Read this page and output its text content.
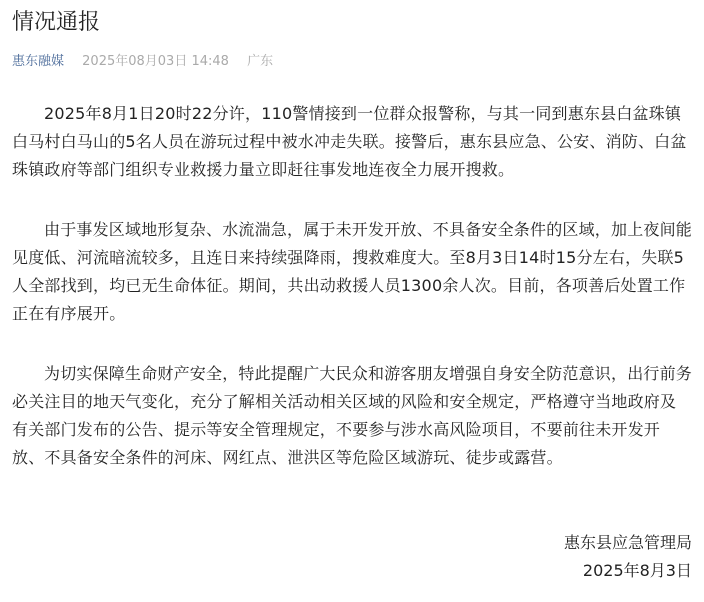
情况通报
惠东融媒 2025年08月03日 14:48 广东

2025年8月1日20时22分许，110警情接到一位群众报警称，与其一同到惠东县白盆珠镇白马村白马山的5名人员在游玩过程中被水冲走失联。接警后，惠东县应急、公安、消防、白盆珠镇政府等部门组织专业救援力量立即赶往事发地连夜全力展开搜救。

由于事发区域地形复杂、水流湍急，属于未开发开放、不具备安全条件的区域，加上夜间能见度低、河流暗流较多，且连日来持续强降雨，搜救难度大。至8月3日14时15分左右，失联5人全部找到，均已无生命体征。期间，共出动救援人员1300余人次。目前，各项善后处置工作正在有序展开。

为切实保障生命财产安全，特此提醒广大民众和游客朋友增强自身安全防范意识，出行前务必关注目的地天气变化，充分了解相关活动相关区域的风险和安全规定，严格遵守当地政府及有关部门发布的公告、提示等安全管理规定，不要参与涉水高风险项目，不要前往未开发开放、不具备安全条件的河床、网红点、泄洪区等危险区域游玩、徒步或露营。

惠东县应急管理局
2025年8月3日
